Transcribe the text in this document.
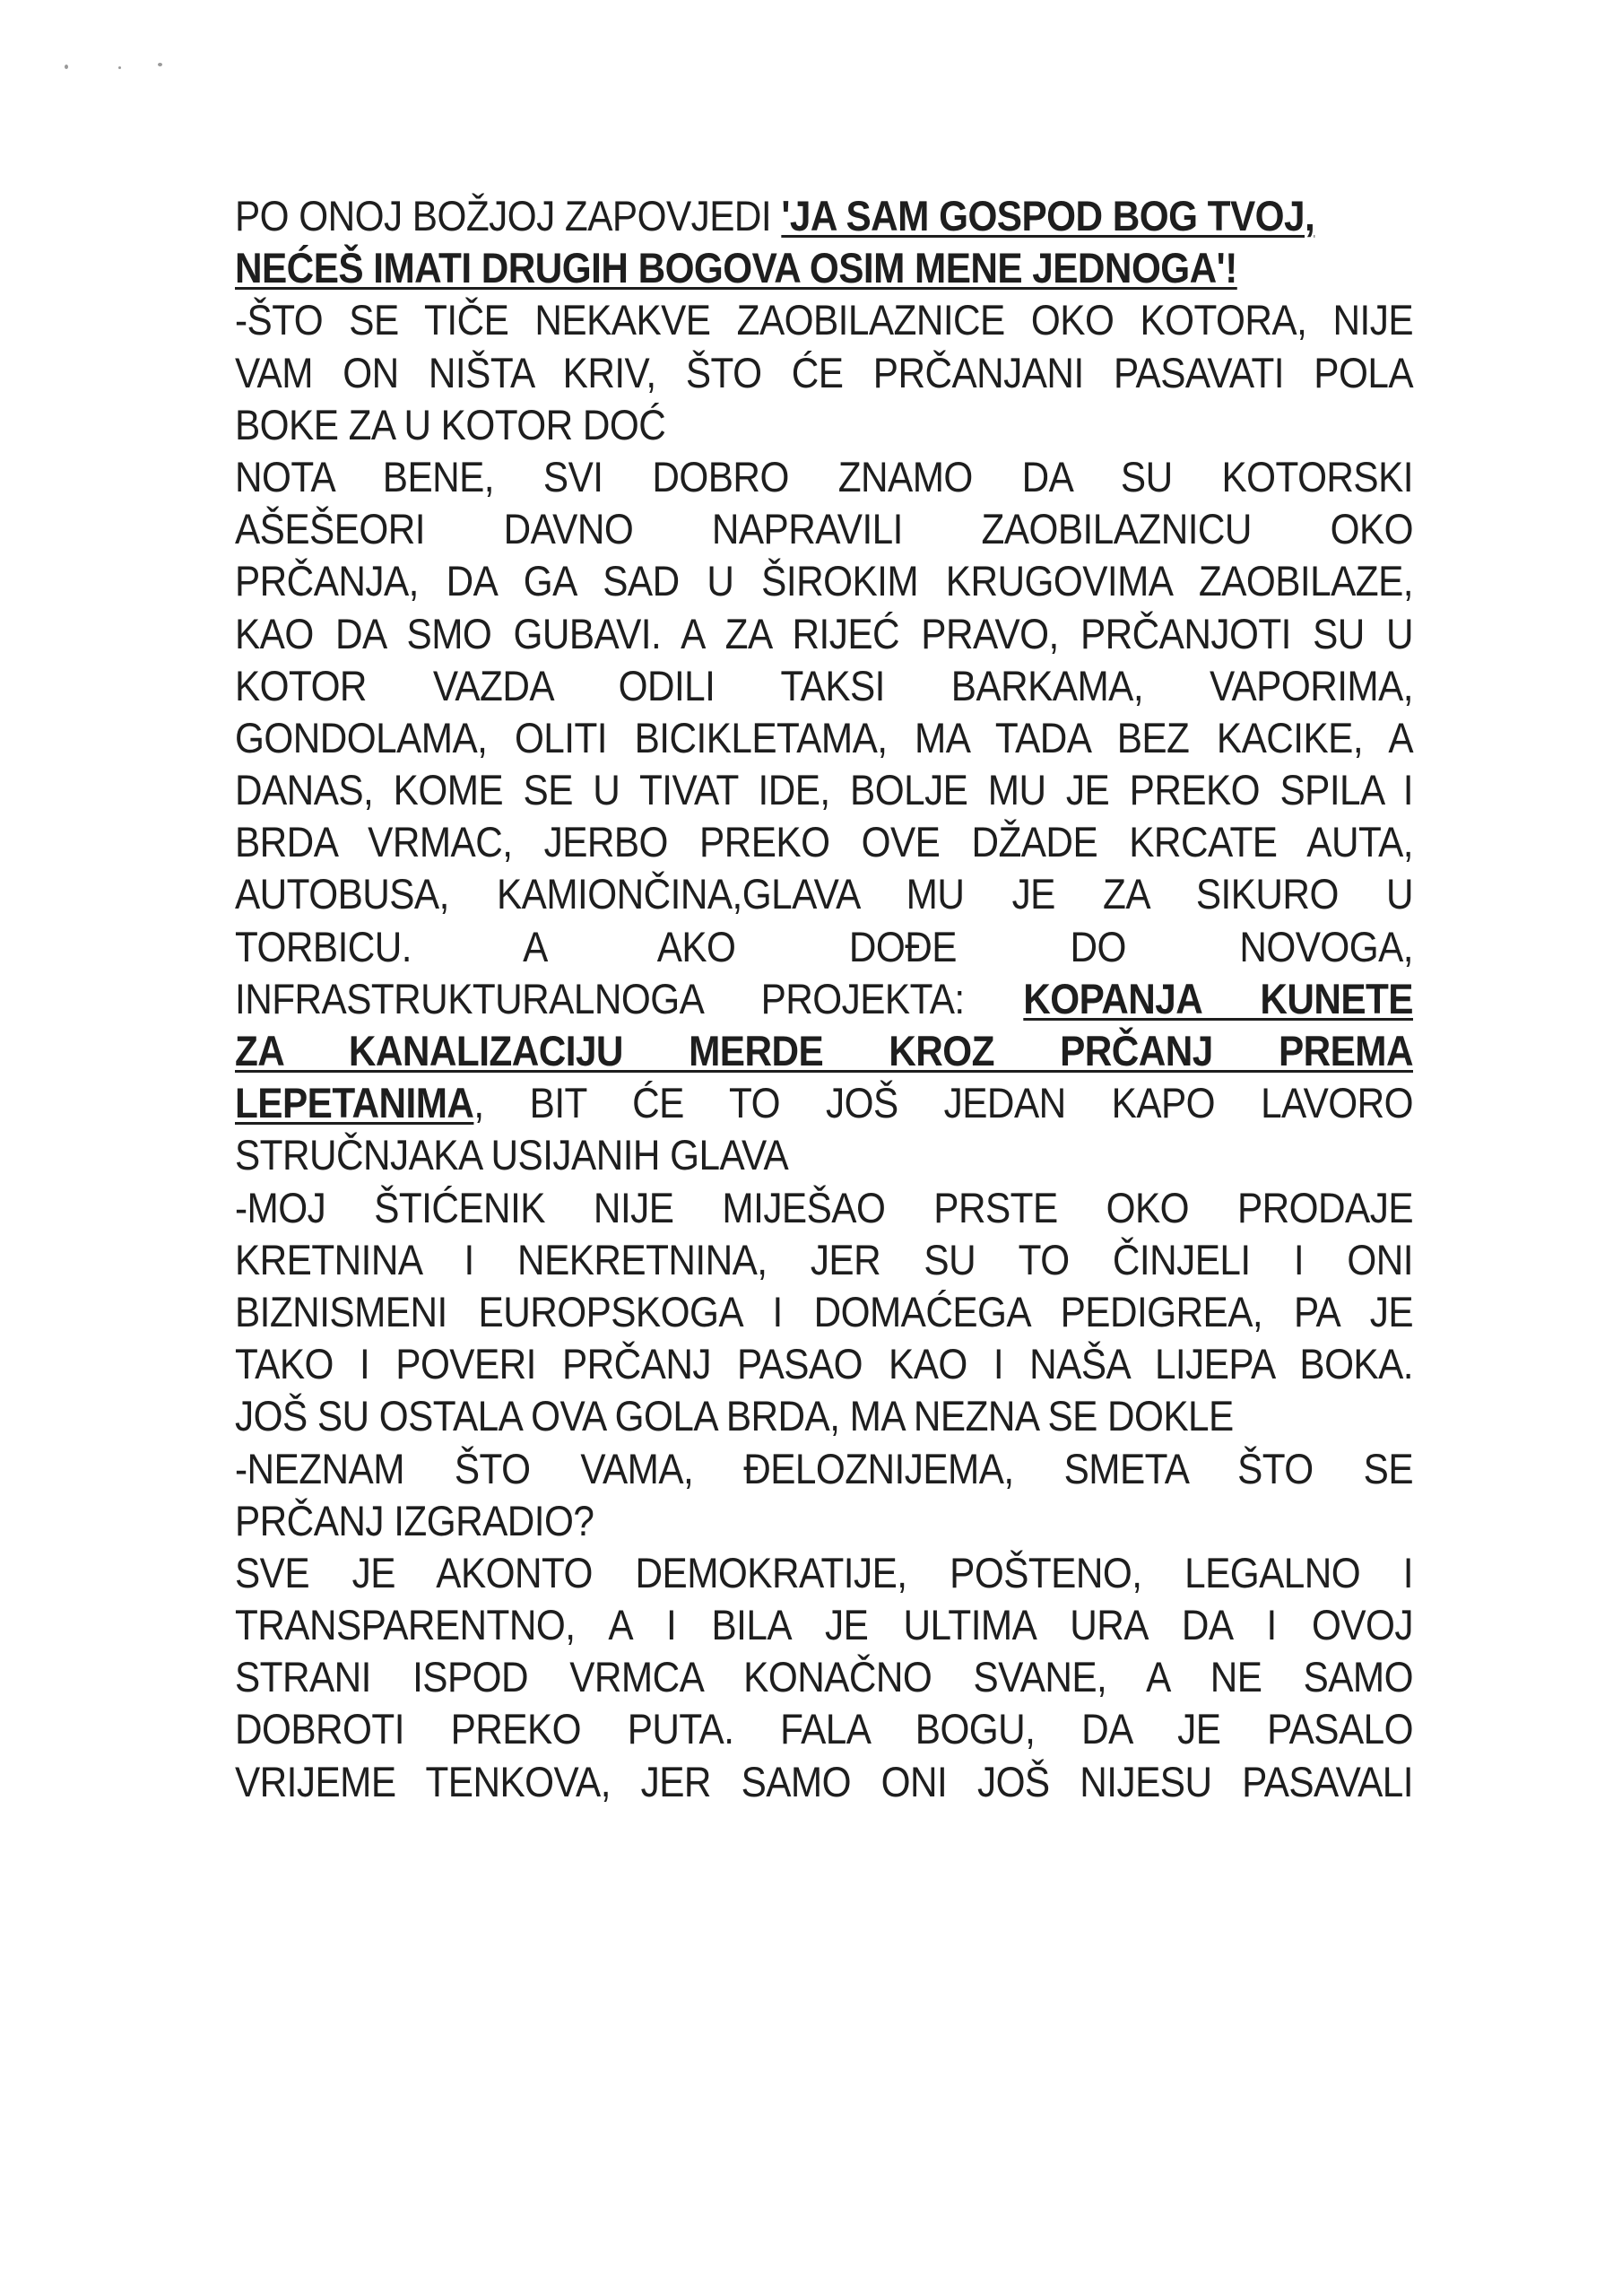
PO ONOJ BOŽJOJ ZAPOVJEDI 'JA SAM GOSPOD BOG TVOJ,
NEĆEŠ IMATI DRUGIH BOGOVA OSIM MENE JEDNOGA'!
-ŠTO SE TIČE NEKAKVE ZAOBILAZNICE OKO KOTORA, NIJE
VAM ON NIŠTA KRIV, ŠTO ĆE PRČANJANI PASAVATI POLA
BOKE ZA U KOTOR DOĆ
NOTA BENE, SVI DOBRO ZNAMO DA SU KOTORSKI
AŠEŠEORI DAVNO NAPRAVILI ZAOBILAZNICU OKO
PRČANJA, DA GA SAD U ŠIROKIM KRUGOVIMA ZAOBILAZE,
KAO DA SMO GUBAVI. A ZA RIJEĆ PRAVO, PRČANJOTI SU U
KOTOR VAZDA ODILI TAKSI BARKAMA, VAPORIMA,
GONDOLAMA, OLITI BICIKLETAMA, MA TADA BEZ KACIKE, A
DANAS, KOME SE U TIVAT IDE, BOLJE MU JE PREKO SPILA I
BRDA VRMAC, JERBO PREKO OVE DŽADE KRCATE AUTA,
AUTOBUSA, KAMIONČINA,GLAVA MU JE ZA SIKURO U
TORBICU. A AKO DOĐE DO NOVOGA,
INFRASTRUKTURALNOGA PROJEKTA: KOPANJA KUNETE
ZA KANALIZACIJU MERDE KROZ PRČANJ PREMA
LEPETANIMA, BIT ĆE TO JOŠ JEDAN KAPO LAVORO
STRUČNJAKA USIJANIH GLAVA
-MOJ ŠTIĆENIK NIJE MIJEŠAO PRSTE OKO PRODAJE
KRETNINA I NEKRETNINA, JER SU TO ČINJELI I ONI
BIZNISMENI EUROPSKOGA I DOMAĆEGA PEDIGREA, PA JE
TAKO I POVERI PRČANJ PASAO KAO I NAŠA LIJEPA BOKA.
JOŠ SU OSTALA OVA GOLA BRDA, MA NEZNA SE DOKLE
-NEZNAM ŠTO VAMA, ĐELOZNIJEMA, SMETA ŠTO SE
PRČANJ IZGRADIO?
SVE JE AKONTO DEMOKRATIJE, POŠTENO, LEGALNO I
TRANSPARENTNO, A I BILA JE ULTIMA URA DA I OVOJ
STRANI ISPOD VRMCA KONAČNO SVANE, A NE SAMO
DOBROTI PREKO PUTA. FALA BOGU, DA JE PASALO
VRIJEME TENKOVA, JER SAMO ONI JOŠ NIJESU PASAVALI
